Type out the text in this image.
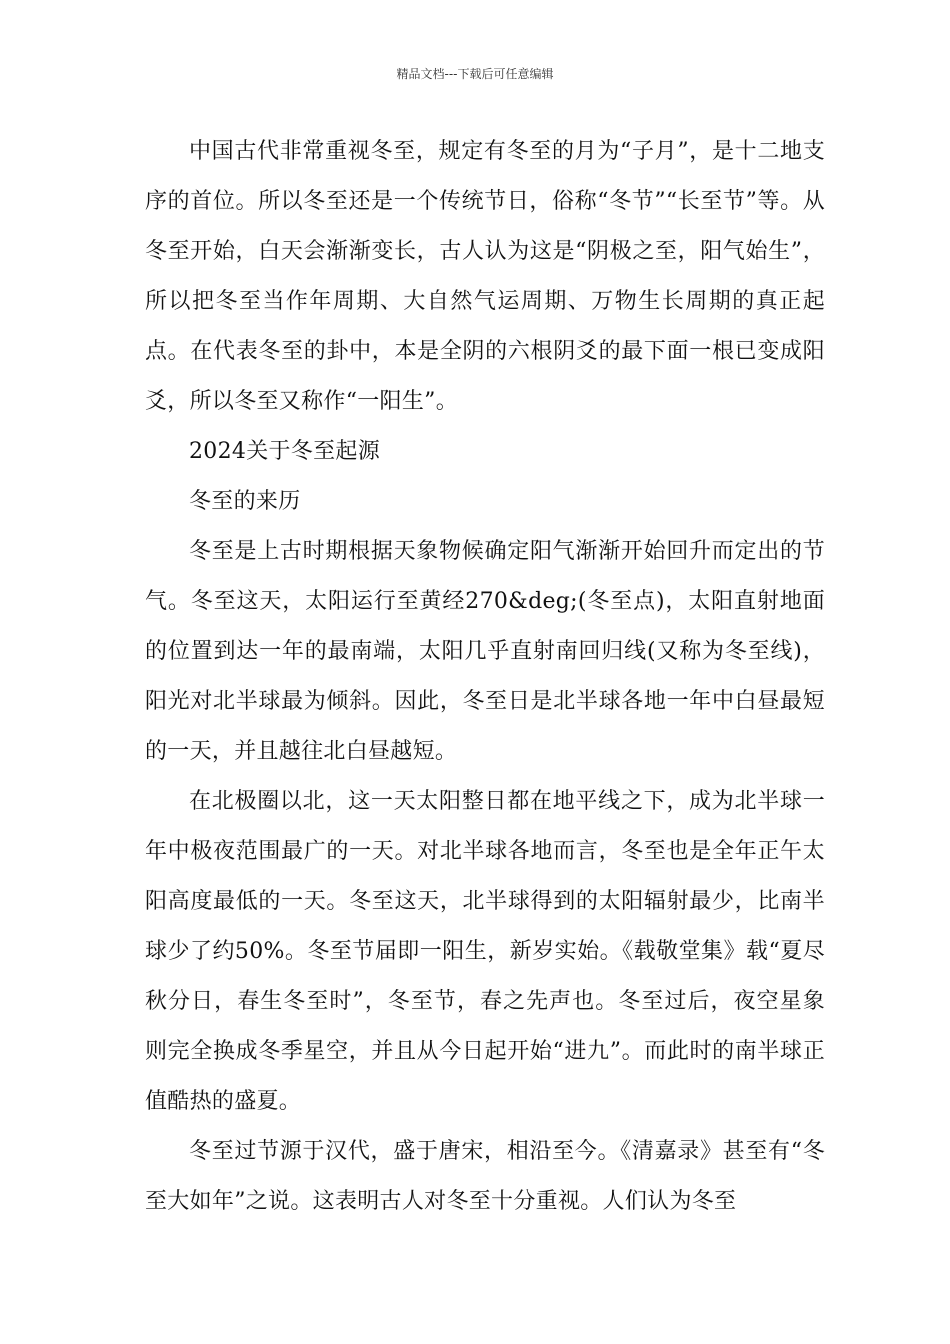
精品文档---下载后可任意编辑

中国古代非常重视冬至，规定有冬至的月为“子月”，是十二地支序的首位。所以冬至还是一个传统节日，俗称“冬节”“长至节”等。从冬至开始，白天会渐渐变长，古人认为这是“阴极之至，阳气始生”，所以把冬至当作年周期、大自然气运周期、万物生长周期的真正起点。在代表冬至的卦中，本是全阴的六根阴爻的最下面一根已变成阳爻，所以冬至又称作“一阳生”。

2024关于冬至起源

冬至的来历

冬至是上古时期根据天象物候确定阳气渐渐开始回升而定出的节气。冬至这天，太阳运行至黄经270&deg;(冬至点)，太阳直射地面的位置到达一年的最南端，太阳几乎直射南回归线(又称为冬至线)，阳光对北半球最为倾斜。因此，冬至日是北半球各地一年中白昼最短的一天，并且越往北白昼越短。

在北极圈以北，这一天太阳整日都在地平线之下，成为北半球一年中极夜范围最广的一天。对北半球各地而言，冬至也是全年正午太阳高度最低的一天。冬至这天，北半球得到的太阳辐射最少，比南半球少了约50%。冬至节届即一阳生，新岁实始。《载敬堂集》载“夏尽秋分日，春生冬至时”，冬至节，春之先声也。冬至过后，夜空星象则完全换成冬季星空，并且从今日起开始“进九”。而此时的南半球正值酷热的盛夏。

冬至过节源于汉代，盛于唐宋，相沿至今。《清嘉录》甚至有“冬至大如年”之说。这表明古人对冬至十分重视。人们认为冬至
